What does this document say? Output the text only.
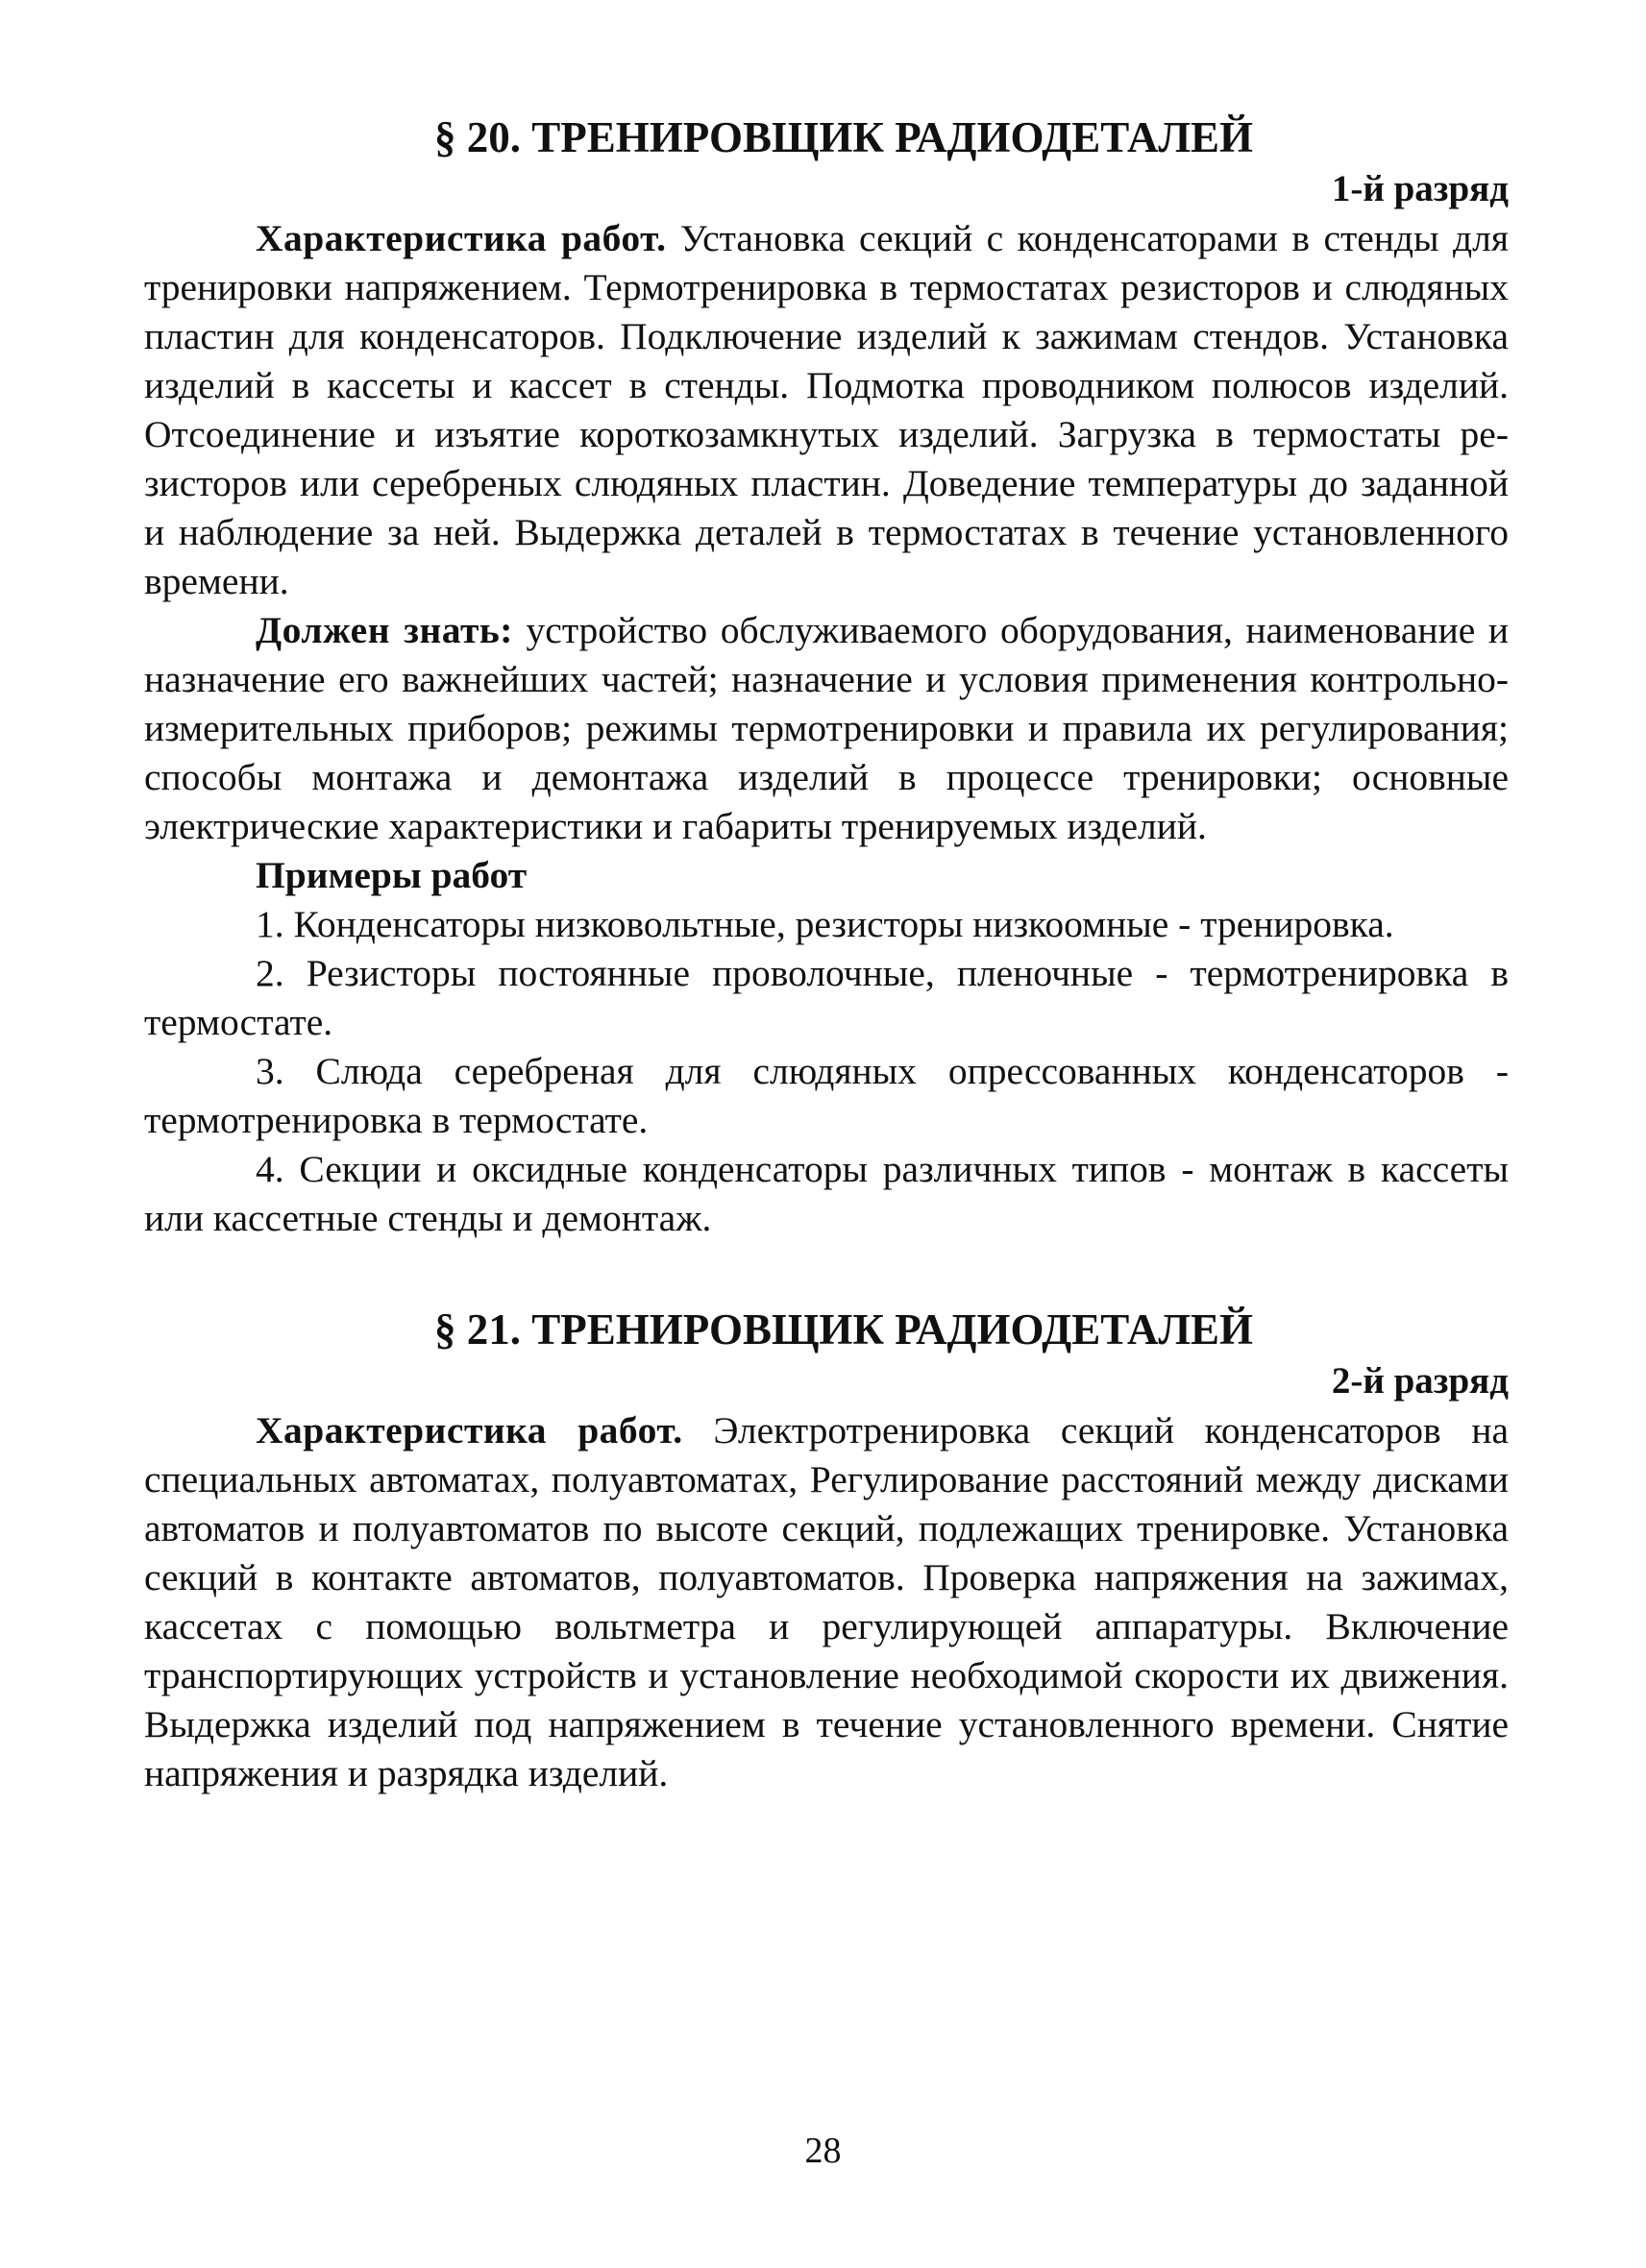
§ 20. ТРЕНИРОВЩИК РАДИОДЕТАЛЕЙ
1-й разряд

Характеристика работ. Установка секций с конденсаторами в стенды для тренировки напряжением. Термотренировка в термостатах резисторов и слюдяных пластин для конденсаторов. Подключение изделий к зажимам стендов. Установка изделий в кассеты и кассет в стенды. Подмотка проводником полюсов изделий. Отсоединение и изъятие короткозамкнутых изделий. Загрузка в термостаты резисторов или серебреных слюдяных пластин. Доведение температуры до заданной и наблюдение за ней. Выдержка деталей в термостатах в течение установленного времени.

Должен знать: устройство обслуживаемого оборудования, наименование и назначение его важнейших частей; назначение и условия применения контрольно-измерительных приборов; режимы термотренировки и правила их регулирования; способы монтажа и демонтажа изделий в процессе тренировки; основные электрические характеристики и габариты тренируемых изделий.

Примеры работ

1. Конденсаторы низковольтные, резисторы низкоомные - тренировка.

2. Резисторы постоянные проволочные, пленочные - термотренировка в термостате.

3. Слюда серебреная для слюдяных опрессованных конденсаторов - термотренировка в термостате.

4. Секции и оксидные конденсаторы различных типов - монтаж в кассеты или кассетные стенды и демонтаж.

§ 21. ТРЕНИРОВЩИК РАДИОДЕТАЛЕЙ
2-й разряд

Характеристика работ. Электротренировка секций конденсаторов на специальных автоматах, полуавтоматах, Регулирование расстояний между дисками автоматов и полуавтоматов по высоте секций, подлежащих тренировке. Установка секций в контакте автоматов, полуавтоматов. Проверка напряжения на зажимах, кассетах с помощью вольтметра и регулирующей аппаратуры. Включение транспортирующих устройств и установление необходимой скорости их движения. Выдержка изделий под напряжением в течение установленного времени. Снятие напряжения и разрядка изделий.

28
